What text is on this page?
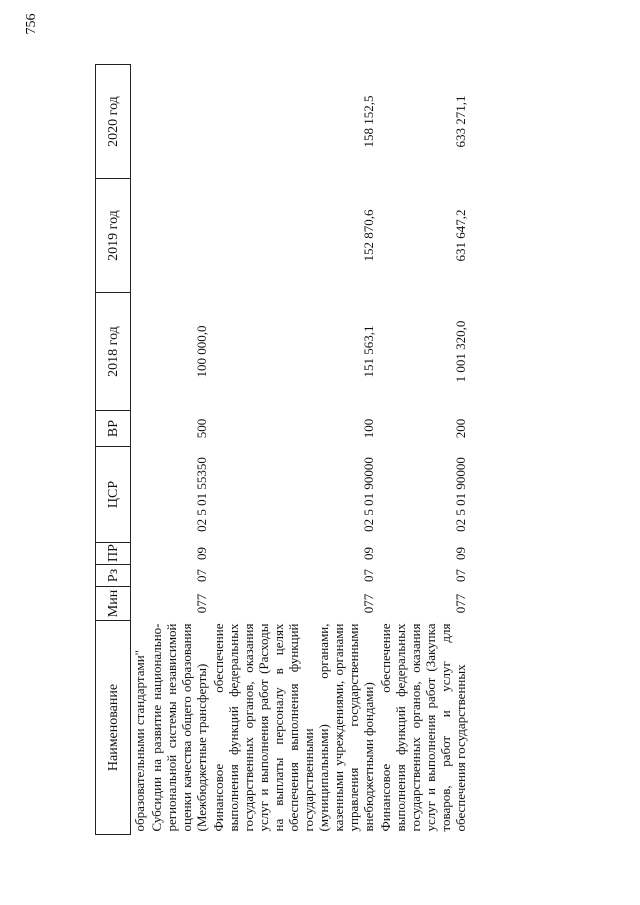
756
Наименование	Мин	Рз	ПР	ЦСР	ВР	2018 год	2019 год	2020 год
образовательными стандартами"								
Субсидии на развитие национально-региональной системы независимой оценки качества общего образования (Межбюджетные трансферты)	077	07	09	02 5 01 55350	500	100 000,0		
Финансовое обеспечение выполнения функций федеральных государственных органов, оказания услуг и выполнения работ (Расходы на выплаты персоналу в целях обеспечения выполнения функций государственными (муниципальными) органами, казенными учреждениями, органами управления государственными внебюджетными фондами)	077	07	09	02 5 01 90000	100	151 563,1	152 870,6	158 152,5
Финансовое обеспечение выполнения функций федеральных государственных органов, оказания услуг и выполнения работ (Закупка товаров, работ и услуг для обеспечения государственных	077	07	09	02 5 01 90000	200	1 001 320,0	631 647,2	633 271,1
